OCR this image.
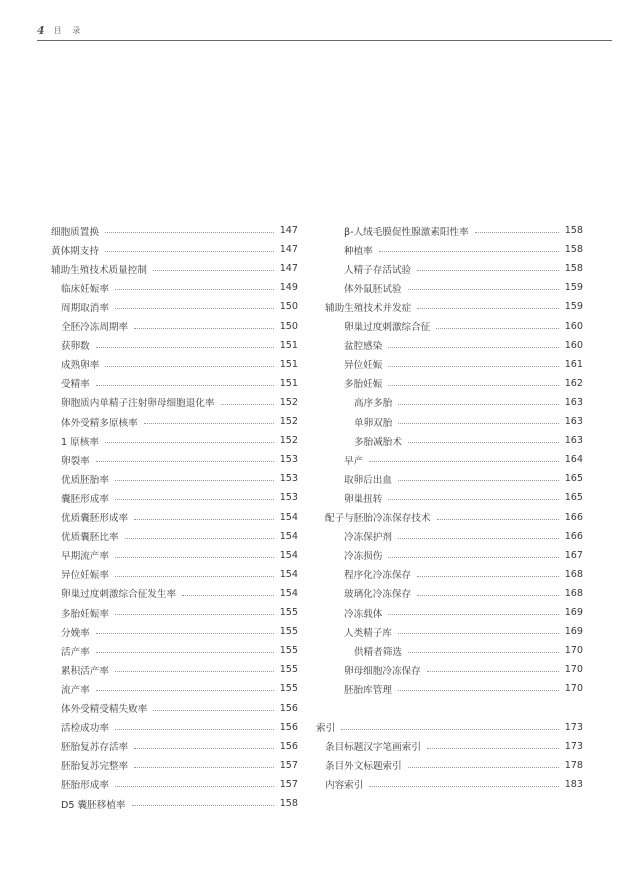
4 目 录
细胞质置换	147
黄体期支持	147
辅助生殖技术质量控制	147
临床妊娠率	149
周期取消率	150
全胚冷冻周期率	150
获卵数	151
成熟卵率	151
受精率	151
卵胞质内单精子注射卵母细胞退化率	152
体外受精多原核率	152
1 原核率	152
卵裂率	153
优质胚胎率	153
囊胚形成率	153
优质囊胚形成率	154
优质囊胚比率	154
早期流产率	154
异位妊娠率	154
卵巢过度刺激综合征发生率	154
多胎妊娠率	155
分娩率	155
活产率	155
累积活产率	155
流产率	155
体外受精受精失败率	156
活检成功率	156
胚胎复苏存活率	156
胚胎复苏完整率	157
胚胎形成率	157
D5 囊胚移植率	158
β-人绒毛膜促性腺激素阳性率	158
种植率	158
人精子存活试验	158
体外鼠胚试验	159
辅助生殖技术并发症	159
卵巢过度刺激综合征	160
盆腔感染	160
异位妊娠	161
多胎妊娠	162
高序多胎	163
单卵双胎	163
多胎减胎术	163
早产	164
取卵后出血	165
卵巢扭转	165
配子与胚胎冷冻保存技术	166
冷冻保护剂	166
冷冻损伤	167
程序化冷冻保存	168
玻璃化冷冻保存	168
冷冻载体	169
人类精子库	169
供精者筛选	170
卵母细胞冷冻保存	170
胚胎库管理	170
索引	173
条目标题汉字笔画索引	173
条目外文标题索引	178
内容索引	183
